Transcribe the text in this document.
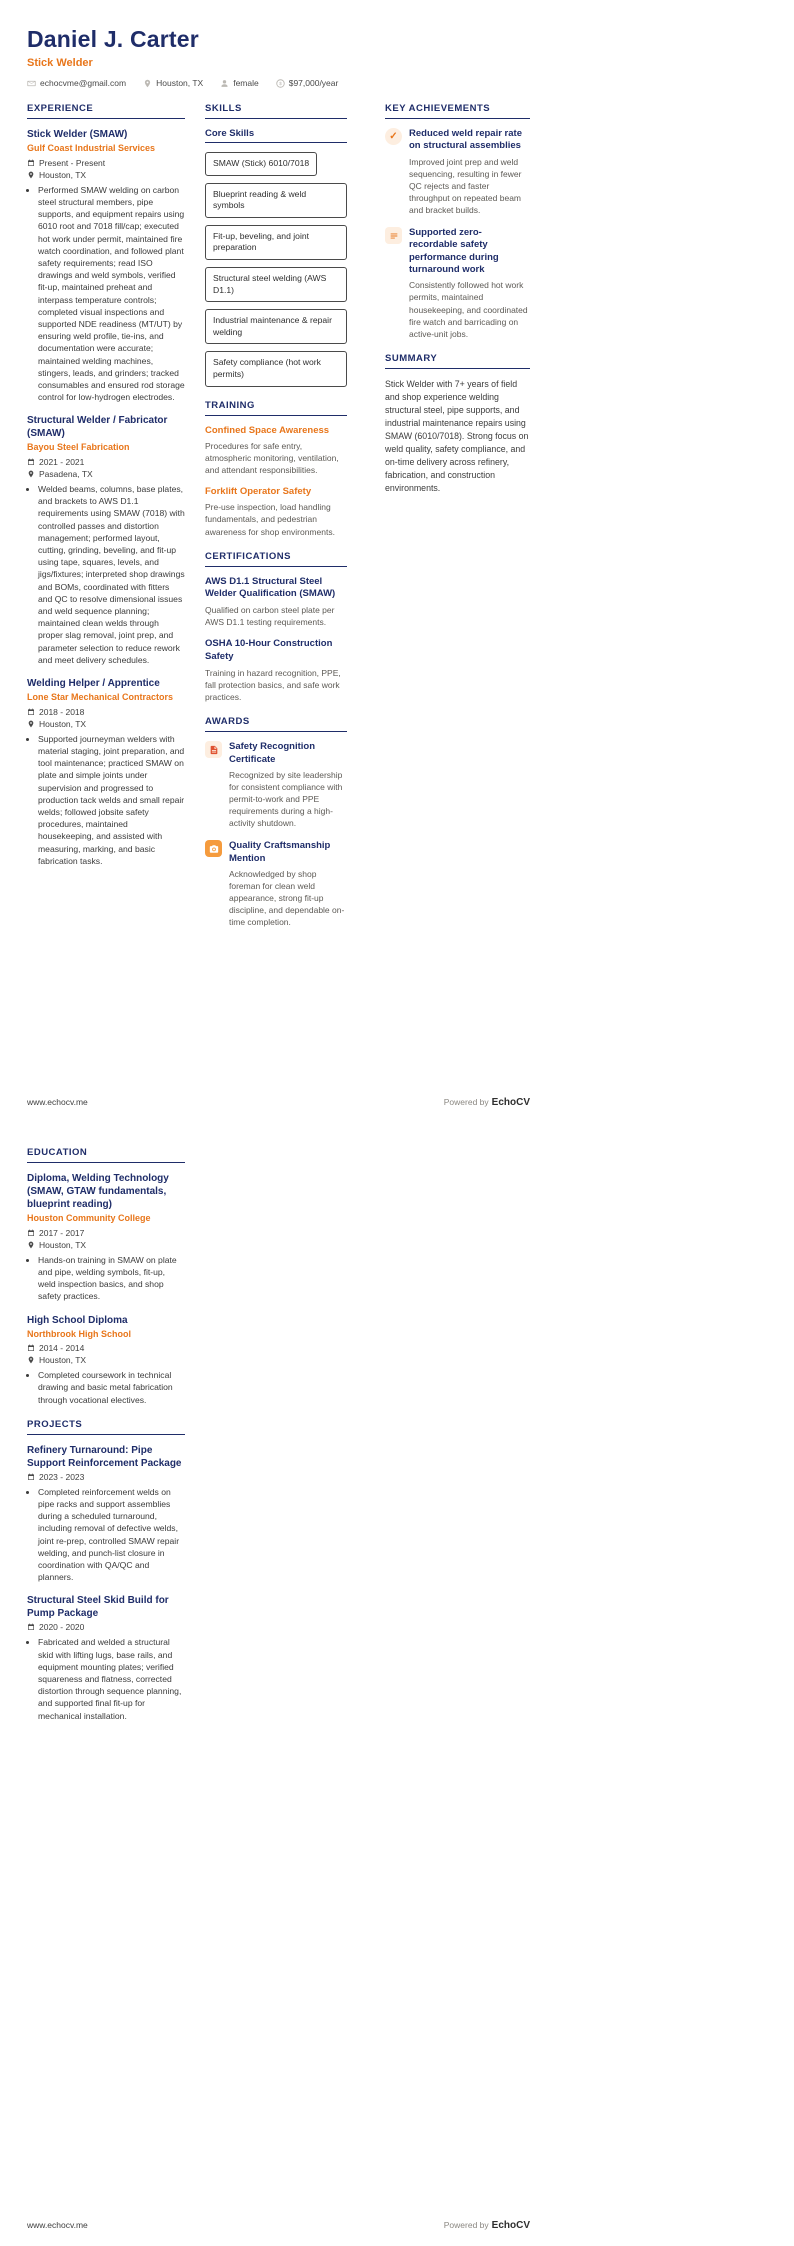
Daniel J. Carter
Stick Welder
echocvme@gmail.com	Houston, TX	female $ $97,000/year
EXPERIENCE
Stick Welder (SMAW)
Gulf Coast Industrial Services
Present - Present
Houston, TX
• Performed SMAW welding on carbon steel structural members, pipe supports, and equipment repairs using 6010 root and 7018 fill/cap; executed hot work under permit, maintained fire watch coordination, and followed plant safety requirements; read ISO drawings and weld symbols, verified fit-up, maintained preheat and interpass temperature controls; completed visual inspections and supported NDE readiness (MT/UT) by ensuring weld profile, tie-ins, and documentation were accurate; maintained welding machines, stingers, leads, and grinders; tracked consumables and ensured rod storage control for low-hydrogen electrodes.
Structural Welder / Fabricator (SMAW)
Bayou Steel Fabrication
2021 - 2021
Pasadena, TX
• Welded beams, columns, base plates, and brackets to AWS D1.1 requirements using SMAW (7018) with controlled passes and distortion management; performed layout, cutting, grinding, beveling, and fit-up using tape, squares, levels, and jigs/fixtures; interpreted shop drawings and BOMs, coordinated with fitters and QC to resolve dimensional issues and weld sequence planning; maintained clean welds through proper slag removal, joint prep, and parameter selection to reduce rework and meet delivery schedules.
Welding Helper / Apprentice
Lone Star Mechanical Contractors
2018 - 2018
Houston, TX
• Supported journeyman welders with material staging, joint preparation, and tool maintenance; practiced SMAW on plate and simple joints under supervision and progressed to production tack welds and small repair welds; followed jobsite safety procedures, maintained housekeeping, and assisted with measuring, marking, and basic fabrication tasks.
SKILLS
Core Skills
SMAW (Stick) 6010/7018
Blueprint reading & weld symbols
Fit-up, beveling, and joint preparation
Structural steel welding (AWS D1.1)
Industrial maintenance & repair welding
Safety compliance (hot work permits)
TRAINING
Confined Space Awareness

Procedures for safe entry, atmospheric monitoring, ventilation, and attendant responsibilities.

Forklift Operator Safety

Pre-use inspection, load handling fundamentals, and pedestrian awareness for shop environments.

CERTIFICATIONS
AWS D1.1 Structural Steel Welder Qualification (SMAW)

Qualified on carbon steel plate per AWS D1.1 testing requirements.

OSHA 10-Hour Construction Safety

Training in hazard recognition, PPE, fall protection basics, and safe work practices.

AWARDS

Safety Recognition Certificate

Recognized by site leadership for consistent compliance with permit-to-work and PPE requirements during a high-activity shutdown.

Quality Craftsmanship Mention

Acknowledged by shop foreman for clean weld appearance, strong fit-up discipline, and dependable on-time completion.

KEY ACHIEVEMENTS
✓	Reduced weld repair rate on structural assemblies

Improved joint prep and weld sequencing, resulting in fewer QC rejects and faster throughput on repeated beam and bracket builds.

Supported zero-recordable safety performance during turnaround work

Consistently followed hot work permits, maintained housekeeping, and coordinated fire watch and barricading on active-unit jobs.

SUMMARY

Stick Welder with 7+ years of field and shop experience welding structural steel, pipe supports, and industrial maintenance repairs using SMAW (6010/7018). Strong focus on weld quality, safety compliance, and on-time delivery across refinery, fabrication, and construction environments.

www.echocv.me	Powered by EchoCV
EDUCATION
Diploma, Welding Technology (SMAW, GTAW fundamentals, blueprint reading)
Houston Community College
2017 - 2017
Houston, TX
• Hands-on training in SMAW on plate and pipe, welding symbols, fit-up, weld inspection basics, and shop safety practices.
High School Diploma
Northbrook High School
2014 - 2014
Houston, TX
• Completed coursework in technical drawing and basic metal fabrication through vocational electives.
PROJECTS
Refinery Turnaround: Pipe Support Reinforcement Package
2023 - 2023
• Completed reinforcement welds on pipe racks and support assemblies during a scheduled turnaround, including removal of defective welds, joint re-prep, controlled SMAW repair welding, and punch-list closure in coordination with QA/QC and planners.
Structural Steel Skid Build for Pump Package
2020 - 2020
• Fabricated and welded a structural skid with lifting lugs, base rails, and equipment mounting plates; verified squareness and flatness, corrected distortion through sequence planning, and supported final fit-up for mechanical installation.
www.echocv.me	Powered by EchoCV
